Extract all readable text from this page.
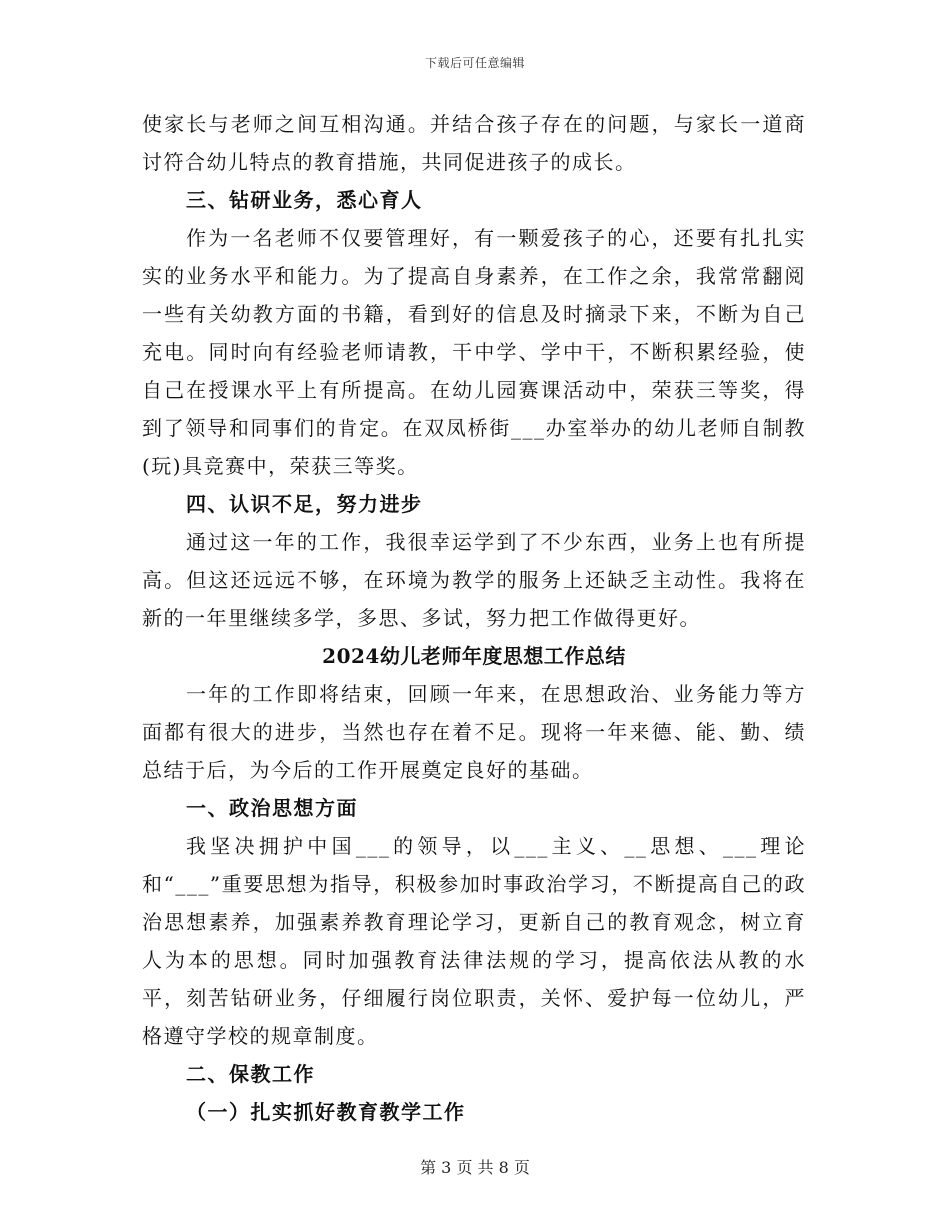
下载后可任意编辑

使家长与老师之间互相沟通。并结合孩子存在的问题，与家长一道商讨符合幼儿特点的教育措施，共同促进孩子的成长。

三、钻研业务，悉心育人

作为一名老师不仅要管理好，有一颗爱孩子的心，还要有扎扎实实的业务水平和能力。为了提高自身素养，在工作之余，我常常翻阅一些有关幼教方面的书籍，看到好的信息及时摘录下来，不断为自己充电。同时向有经验老师请教，干中学、学中干，不断积累经验，使自己在授课水平上有所提高。在幼儿园赛课活动中，荣获三等奖，得到了领导和同事们的肯定。在双凤桥街___办室举办的幼儿老师自制教(玩)具竞赛中，荣获三等奖。

四、认识不足，努力进步

通过这一年的工作，我很幸运学到了不少东西，业务上也有所提高。但这还远远不够，在环境为教学的服务上还缺乏主动性。我将在新的一年里继续多学，多思、多试，努力把工作做得更好。

2024幼儿老师年度思想工作总结

一年的工作即将结束，回顾一年来，在思想政治、业务能力等方面都有很大的进步，当然也存在着不足。现将一年来德、能、勤、绩总结于后，为今后的工作开展奠定良好的基础。

一、政治思想方面

我坚决拥护中国___的领导，以___主义、__思想、___理论和“___”重要思想为指导，积极参加时事政治学习，不断提高自己的政治思想素养，加强素养教育理论学习，更新自己的教育观念，树立育人为本的思想。同时加强教育法律法规的学习，提高依法从教的水平，刻苦钻研业务，仔细履行岗位职责，关怀、爱护每一位幼儿，严格遵守学校的规章制度。

二、保教工作

（一）扎实抓好教育教学工作

第 3 页 共 8 页
